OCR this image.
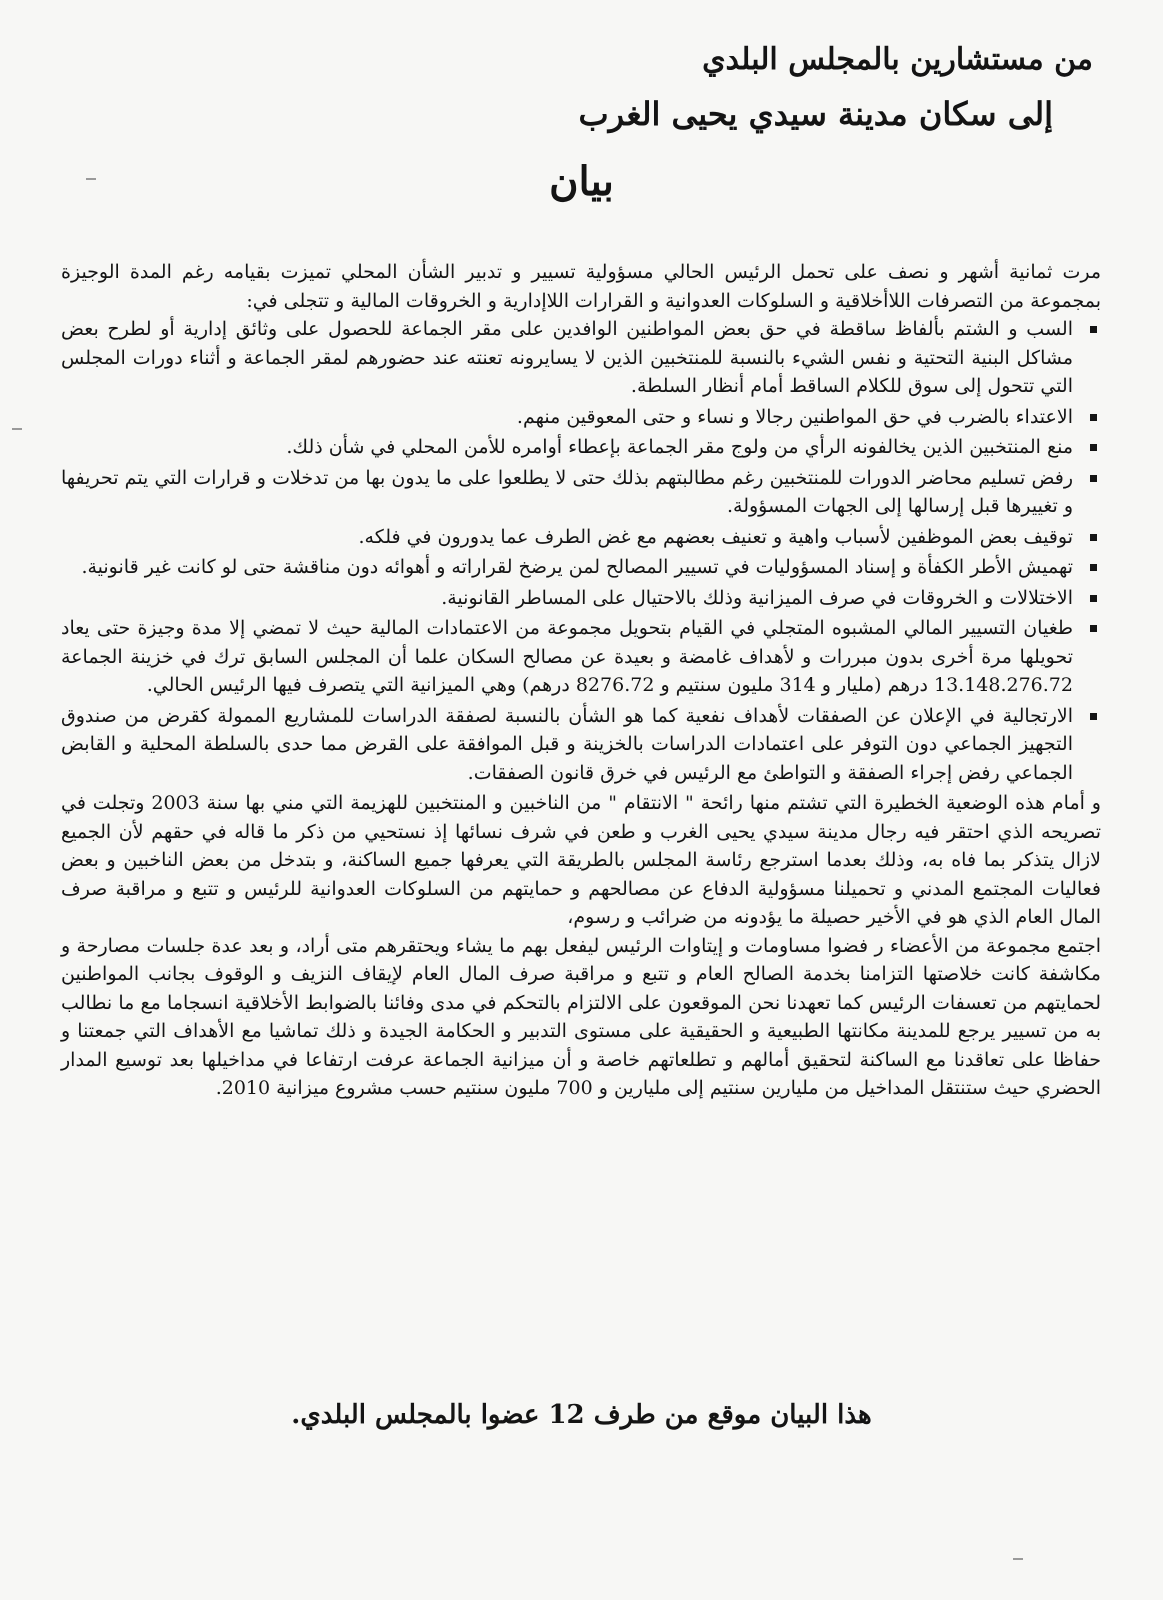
من مستشارين بالمجلس البلدي
إلى سكان مدينة سيدي يحيى الغرب
بيان

مرت ثمانية أشهر و نصف على تحمل الرئيس الحالي مسؤولية تسيير و تدبير الشأن المحلي تميزت بقيامه رغم المدة الوجيزة بمجموعة من التصرفات اللاأخلاقية و السلوكات العدوانية و القرارات اللاإدارية و الخروقات المالية و تتجلى في:

السب و الشتم بألفاظ ساقطة في حق بعض المواطنين الوافدين على مقر الجماعة للحصول على وثائق إدارية أو لطرح بعض مشاكل البنية التحتية و نفس الشيء بالنسبة للمنتخبين الذين لا يسايرونه تعنته عند حضورهم لمقر الجماعة و أثناء دورات المجلس التي تتحول إلى سوق للكلام الساقط أمام أنظار السلطة.
الاعتداء بالضرب في حق المواطنين رجالا و نساء و حتى المعوقين منهم.
منع المنتخبين الذين يخالفونه الرأي من ولوج مقر الجماعة بإعطاء أوامره للأمن المحلي في شأن ذلك.
رفض تسليم محاضر الدورات للمنتخبين رغم مطالبتهم بذلك حتى لا يطلعوا على ما يدون بها من تدخلات و قرارات التي يتم تحريفها و تغييرها قبل إرسالها إلى الجهات المسؤولة.
توقيف بعض الموظفين لأسباب واهية و تعنيف بعضهم مع غض الطرف عما يدورون في فلكه.
تهميش الأطر الكفأة و إسناد المسؤوليات في تسيير المصالح لمن يرضخ لقراراته و أهوائه دون مناقشة حتى لو كانت غير قانونية.
الاختلالات و الخروقات في صرف الميزانية وذلك بالاحتيال على المساطر القانونية.
طغيان التسيير المالي المشبوه المتجلي في القيام بتحويل مجموعة من الاعتمادات المالية حيث لا تمضي إلا مدة وجيزة حتى يعاد تحويلها مرة أخرى بدون مبررات و لأهداف غامضة و بعيدة عن مصالح السكان علما أن المجلس السابق ترك في خزينة الجماعة 13.148.276.72 درهم (مليار و 314 مليون سنتيم و 8276.72 درهم) وهي الميزانية التي يتصرف فيها الرئيس الحالي.
الارتجالية في الإعلان عن الصفقات لأهداف نفعية كما هو الشأن بالنسبة لصفقة الدراسات للمشاريع الممولة كقرض من صندوق التجهيز الجماعي دون التوفر على اعتمادات الدراسات بالخزينة و قبل الموافقة على القرض مما حدى بالسلطة المحلية و القابض الجماعي رفض إجراء الصفقة و التواطئ مع الرئيس في خرق قانون الصفقات.

و أمام هذه الوضعية الخطيرة التي تشتم منها رائحة " الانتقام " من الناخبين و المنتخبين للهزيمة التي مني بها سنة 2003 وتجلت في تصريحه الذي احتقر فيه رجال مدينة سيدي يحيى الغرب و طعن في شرف نسائها إذ نستحيي من ذكر ما قاله في حقهم لأن الجميع لازال يتذكر بما فاه به، وذلك بعدما استرجع رئاسة المجلس بالطريقة التي يعرفها جميع الساكنة، و بتدخل من بعض الناخبين و بعض فعاليات المجتمع المدني و تحميلنا مسؤولية الدفاع عن مصالحهم و حمايتهم من السلوكات العدوانية للرئيس و تتبع و مراقبة صرف المال العام الذي هو في الأخير حصيلة ما يؤدونه من ضرائب و رسوم،

اجتمع مجموعة من الأعضاء ر فضوا مساومات و إيتاوات الرئيس ليفعل بهم ما يشاء ويحتقرهم متى أراد، و بعد عدة جلسات مصارحة و مكاشفة كانت خلاصتها التزامنا بخدمة الصالح العام و تتبع و مراقبة صرف المال العام لإيقاف النزيف و الوقوف بجانب المواطنين لحمايتهم من تعسفات الرئيس كما تعهدنا نحن الموقعون على الالتزام بالتحكم في مدى وفائنا بالضوابط الأخلاقية انسجاما مع ما نطالب به من تسيير يرجع للمدينة مكانتها الطبيعية و الحقيقية على مستوى التدبير و الحكامة الجيدة و ذلك تماشيا مع الأهداف التي جمعتنا و حفاظا على تعاقدنا مع الساكنة لتحقيق أمالهم و تطلعاتهم خاصة و أن ميزانية الجماعة عرفت ارتفاعا في مداخيلها بعد توسيع المدار الحضري حيث ستنتقل المداخيل من مليارين سنتيم إلى مليارين و 700 مليون سنتيم حسب مشروع ميزانية 2010.

هذا البيان موقع من طرف 12 عضوا بالمجلس البلدي.
